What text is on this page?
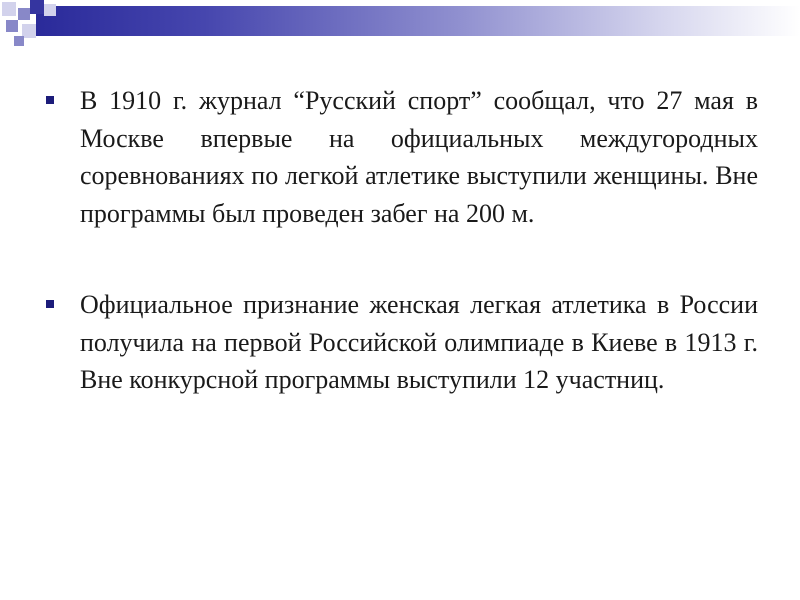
В 1910 г. журнал “Русский спорт” сообщал, что 27 мая в Москве впервые на официальных междугородных соревнованиях по легкой атлетике выступили женщины. Вне программы был проведен забег на 200 м.

Официальное признание женская легкая атлетика в России получила на первой Российской олимпиаде в Киеве в 1913 г. Вне конкурсной программы выступили 12 участниц.
